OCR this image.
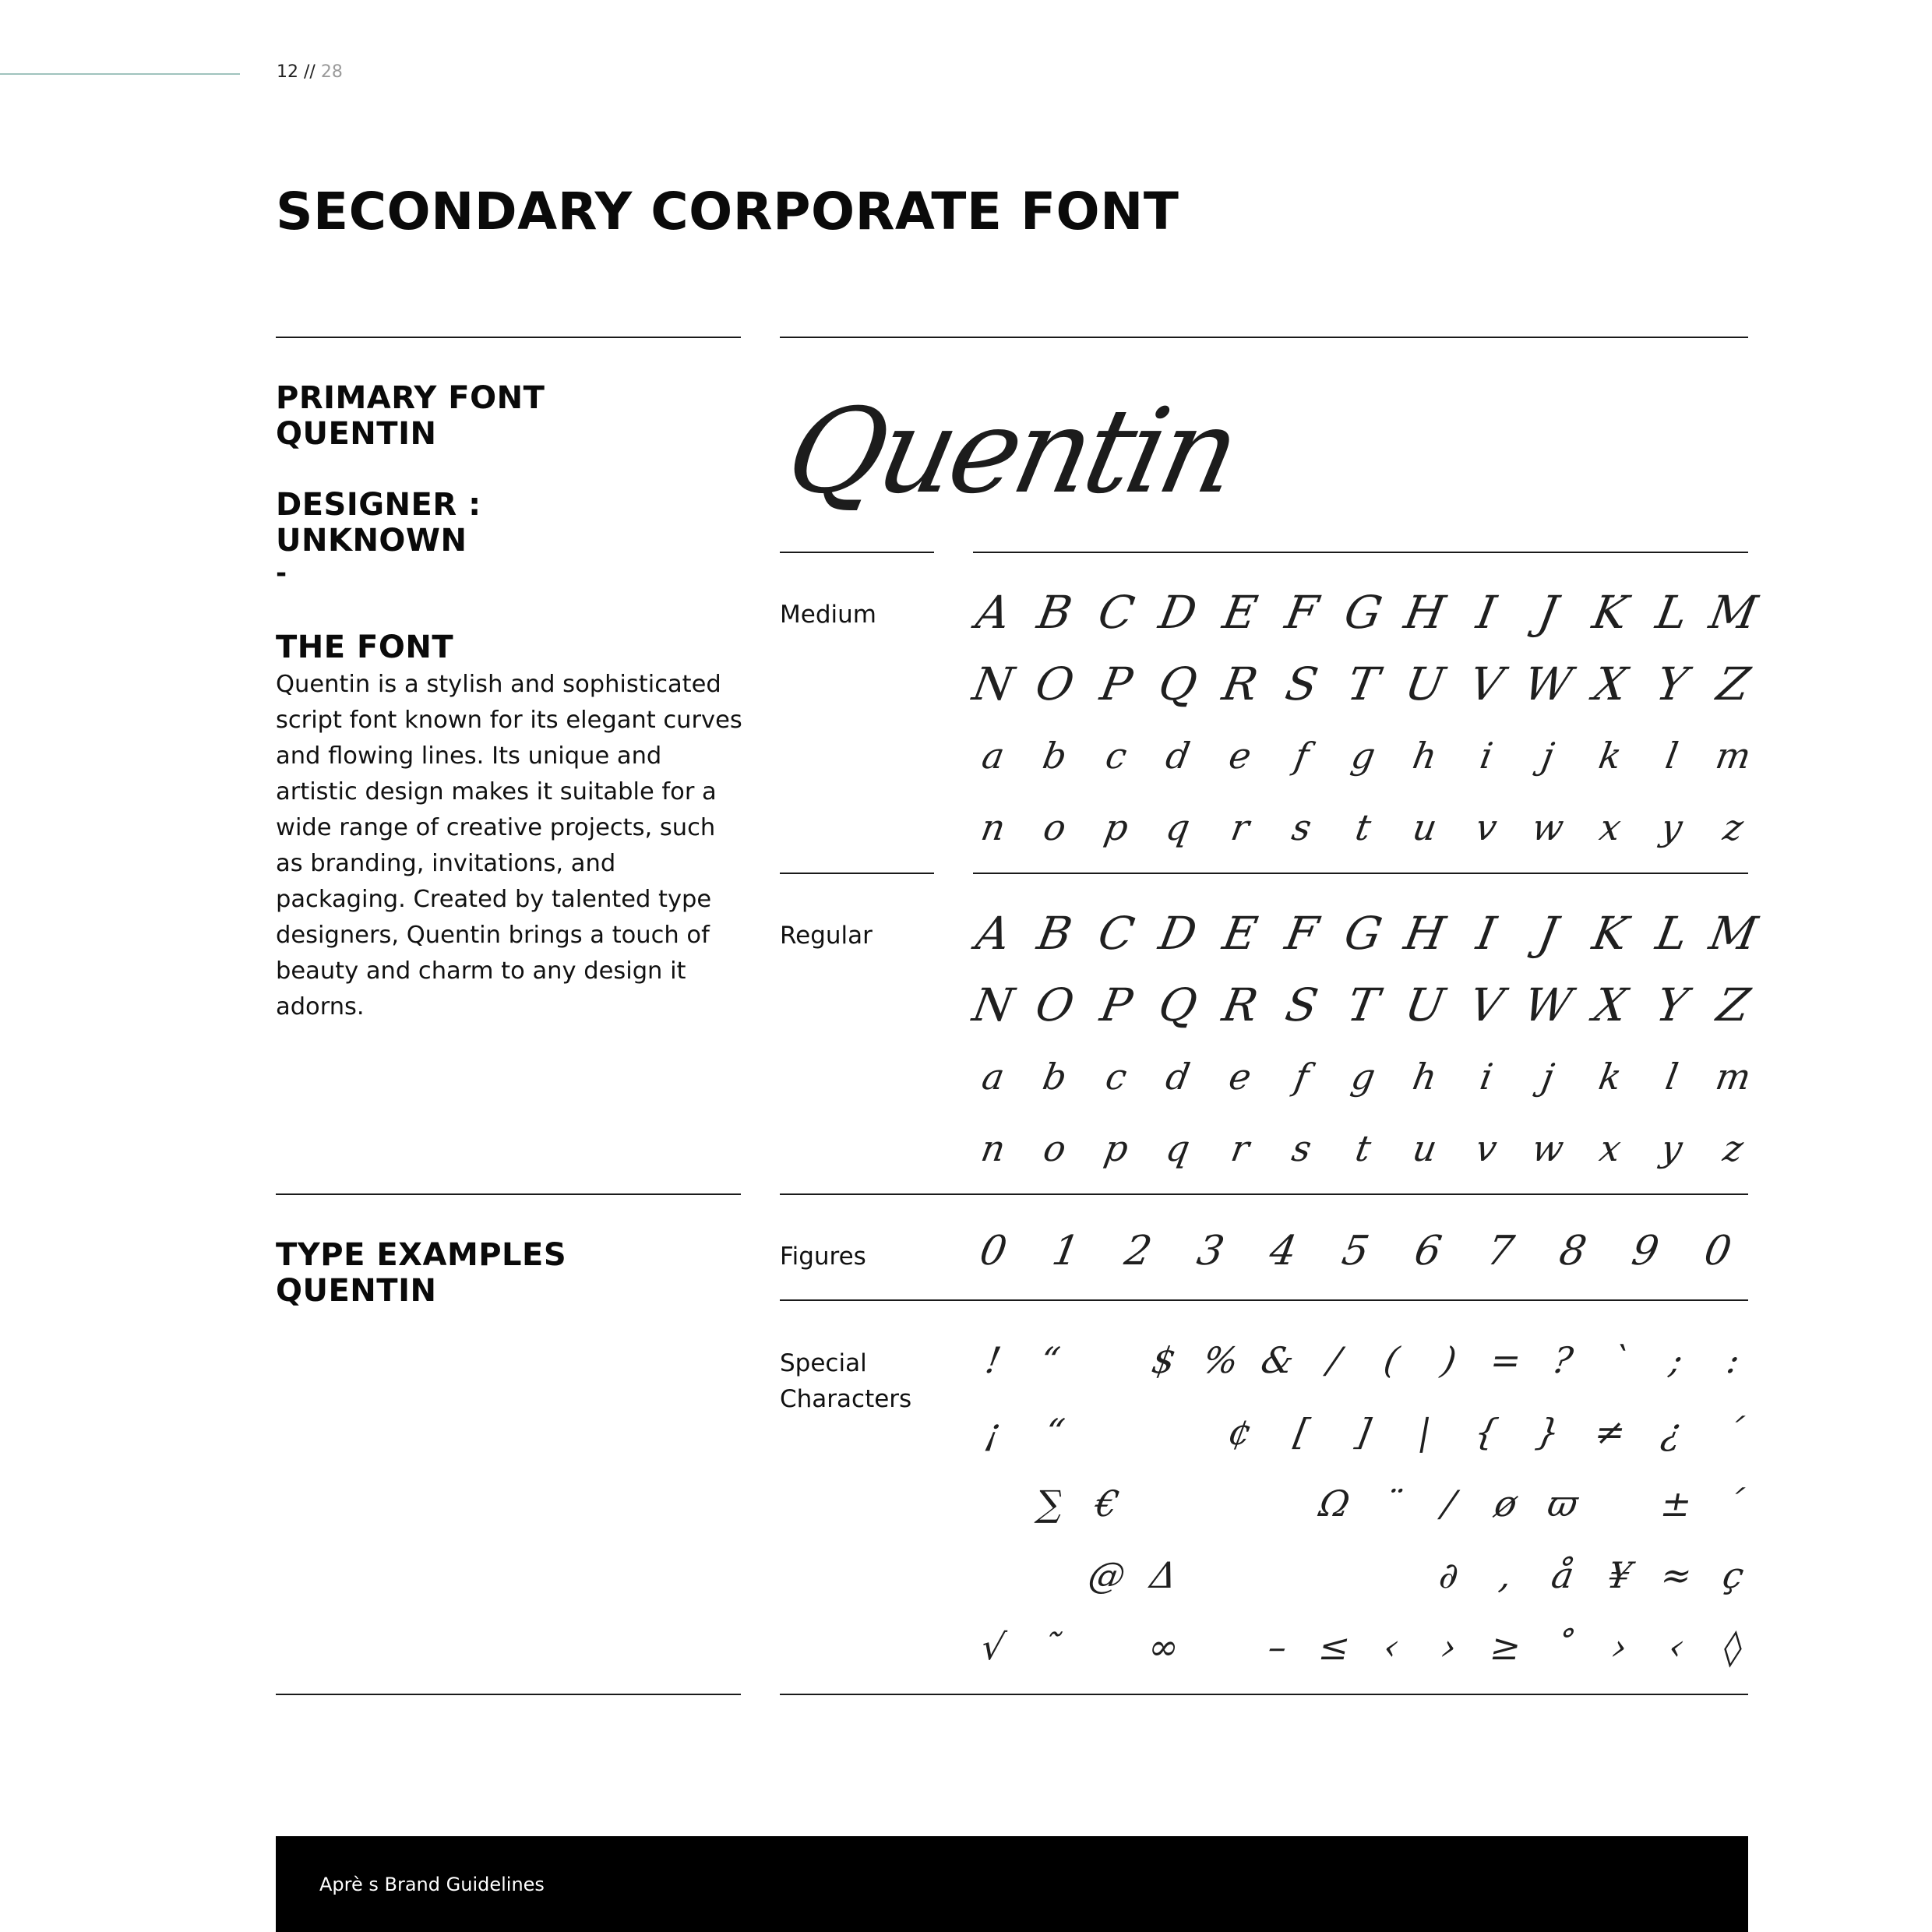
12 // 28
SECONDARY CORPORATE FONT
PRIMARY FONT
QUENTIN
DESIGNER :
UNKNOWN
-
THE FONT
Quentin is a stylish and sophisticated script font known for its elegant curves and flowing lines. Its unique and artistic design makes it suitable for a wide range of creative projects, such as branding, invitations, and packaging. Created by talented type designers, Quentin brings a touch of beauty and charm to any design it adorns.
Quentin
Medium A B C D E F G H I J K L M
N O P Q R S T U V W X Y Z
a b c d e	f	g h	i	j	k	l m
n o p q r	s	t u v w x y z
Regular A B C D E F G H I J K L M
N O P Q R S T U V W X Y Z
a b c d e	f	g h	i	j	k	l m
n o p q r	s	t u v w x y z
TYPE EXAMPLES
QUENTIN
Figures	0 1 2 3 4 5 6 7 8 9 0
Special
Characters
! “	$ % & /	( ) = ? ` ;	:
¡	“	¢	[	]	|	{ } ≠ ¿ ´
∑ €	Ω ¨ / ø ϖ	± ´
@ Δ	∂ , å ¥ ≈ ç
√ ˜	∞	– ≤ ‹ › ≥ ˚ › ‹ ◊
Aprè s Brand Guidelines
